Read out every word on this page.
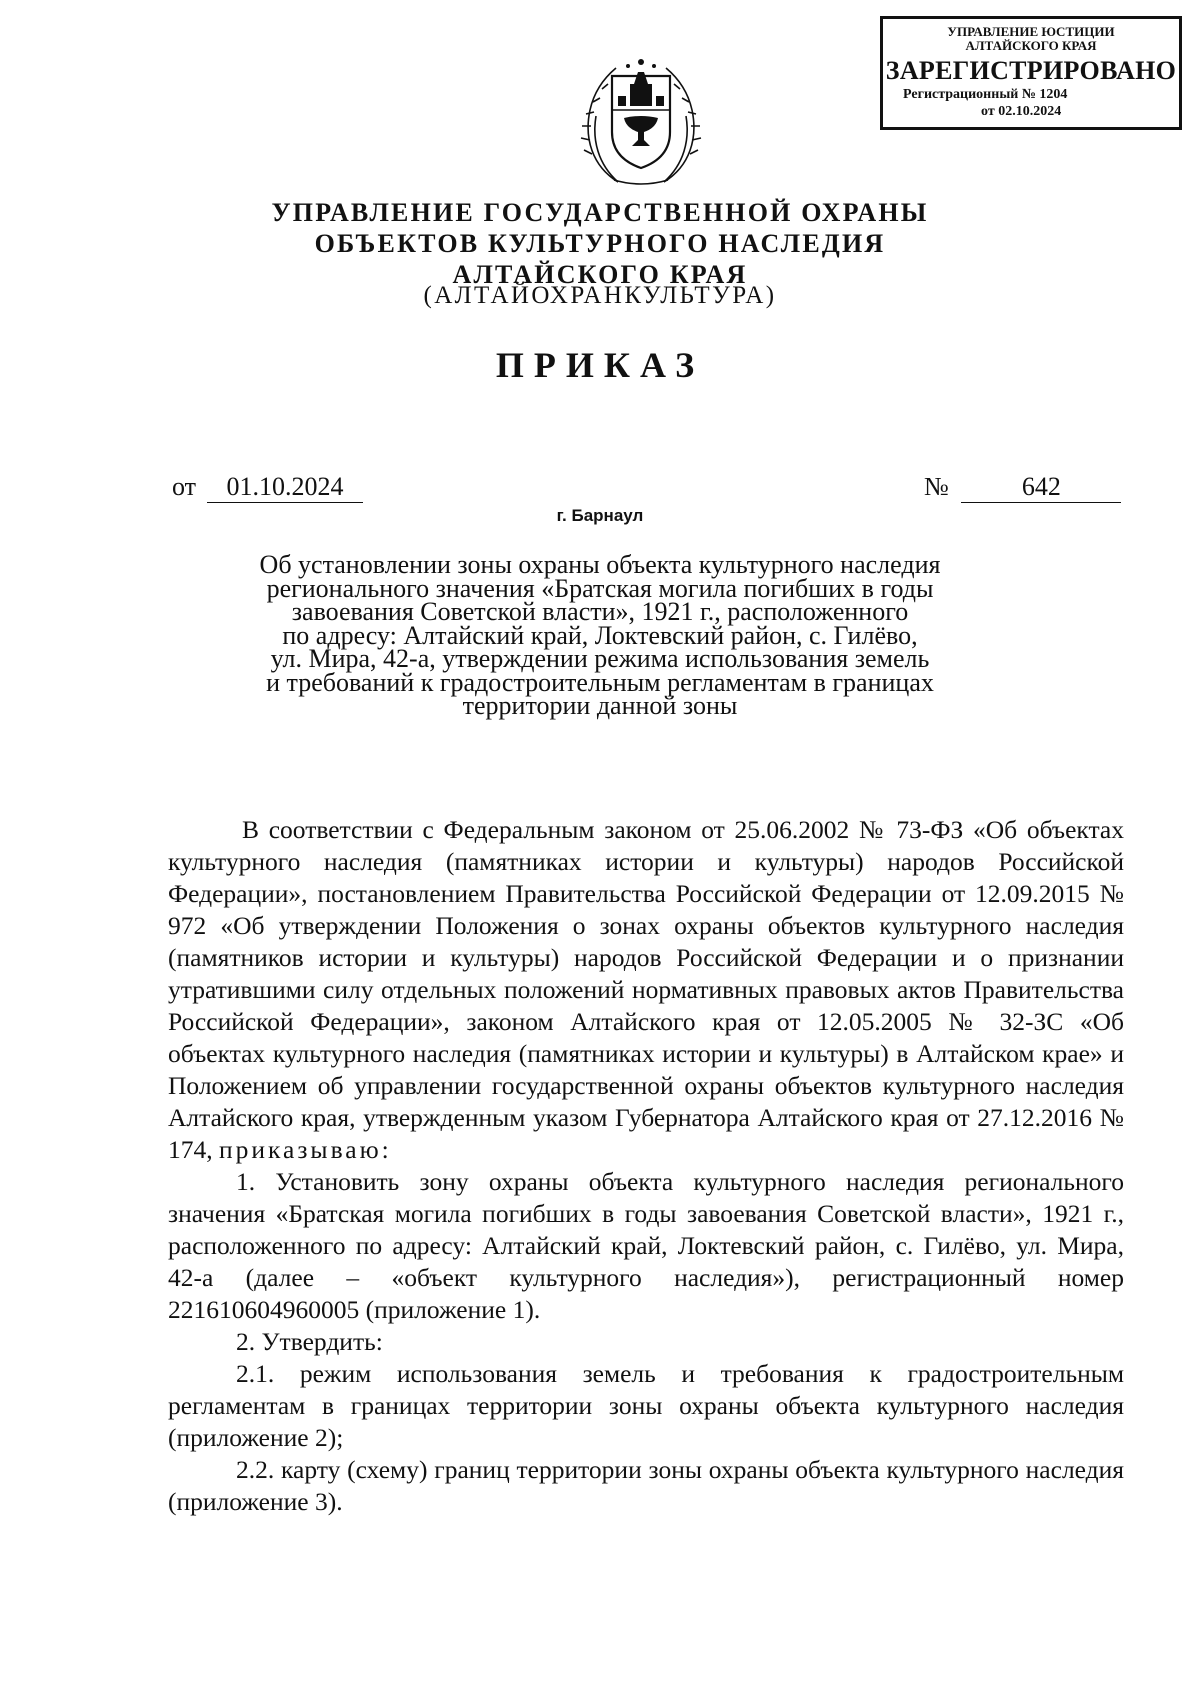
УПРАВЛЕНИЕ ЮСТИЦИИ
АЛТАЙСКОГО КРАЯ
ЗАРЕГИСТРИРОВАНО
Регистрационный № 1204
от 02.10.2024
УПРАВЛЕНИЕ ГОСУДАРСТВЕННОЙ ОХРАНЫ
ОБЪЕКТОВ КУЛЬТУРНОГО НАСЛЕДИЯ
АЛТАЙСКОГО КРАЯ
(АЛТАЙОХРАНКУЛЬТУРА)
ПРИКАЗ
от 01.10.2024	№	642
г. Барнаул
Об установлении зоны охраны объекта культурного наследия
регионального значения «Братская могила погибших в годы
завоевания Советской власти», 1921 г., расположенного
по адресу: Алтайский край, Локтевский район, с. Гилёво,
ул. Мира, 42-а, утверждении режима использования земель
и требований к градостроительным регламентам в границах
территории данной зоны

В соответствии с Федеральным законом от 25.06.2002 № 73-ФЗ «Об объектах культурного наследия (памятниках истории и культуры) народов Российской Федерации», постановлением Правительства Российской Федерации от 12.09.2015 № 972 «Об утверждении Положения о зонах охраны объектов культурного наследия (памятников истории и культуры) народов Российской Федерации и о признании утратившими силу отдельных положений нормативных правовых актов Правительства Российской Федерации», законом Алтайского края от 12.05.2005 № 32-ЗС «Об объектах культурного наследия (памятниках истории и культуры) в Алтайском крае» и Положением об управлении государственной охраны объектов культурного наследия Алтайского края, утвержденным указом Губернатора Алтайского края от 27.12.2016 № 174, приказываю:

1. Установить зону охраны объекта культурного наследия регионального значения «Братская могила погибших в годы завоевания Советской власти», 1921 г., расположенного по адресу: Алтайский край, Локтевский район, с. Гилёво, ул. Мира, 42-а (далее – «объект культурного наследия»), регистрационный номер 221610604960005 (приложение 1).

2. Утвердить:

2.1. режим использования земель и требования к градостроительным регламентам в границах территории зоны охраны объекта культурного наследия (приложение 2);

2.2. карту (схему) границ территории зоны охраны объекта культурного наследия (приложение 3).
